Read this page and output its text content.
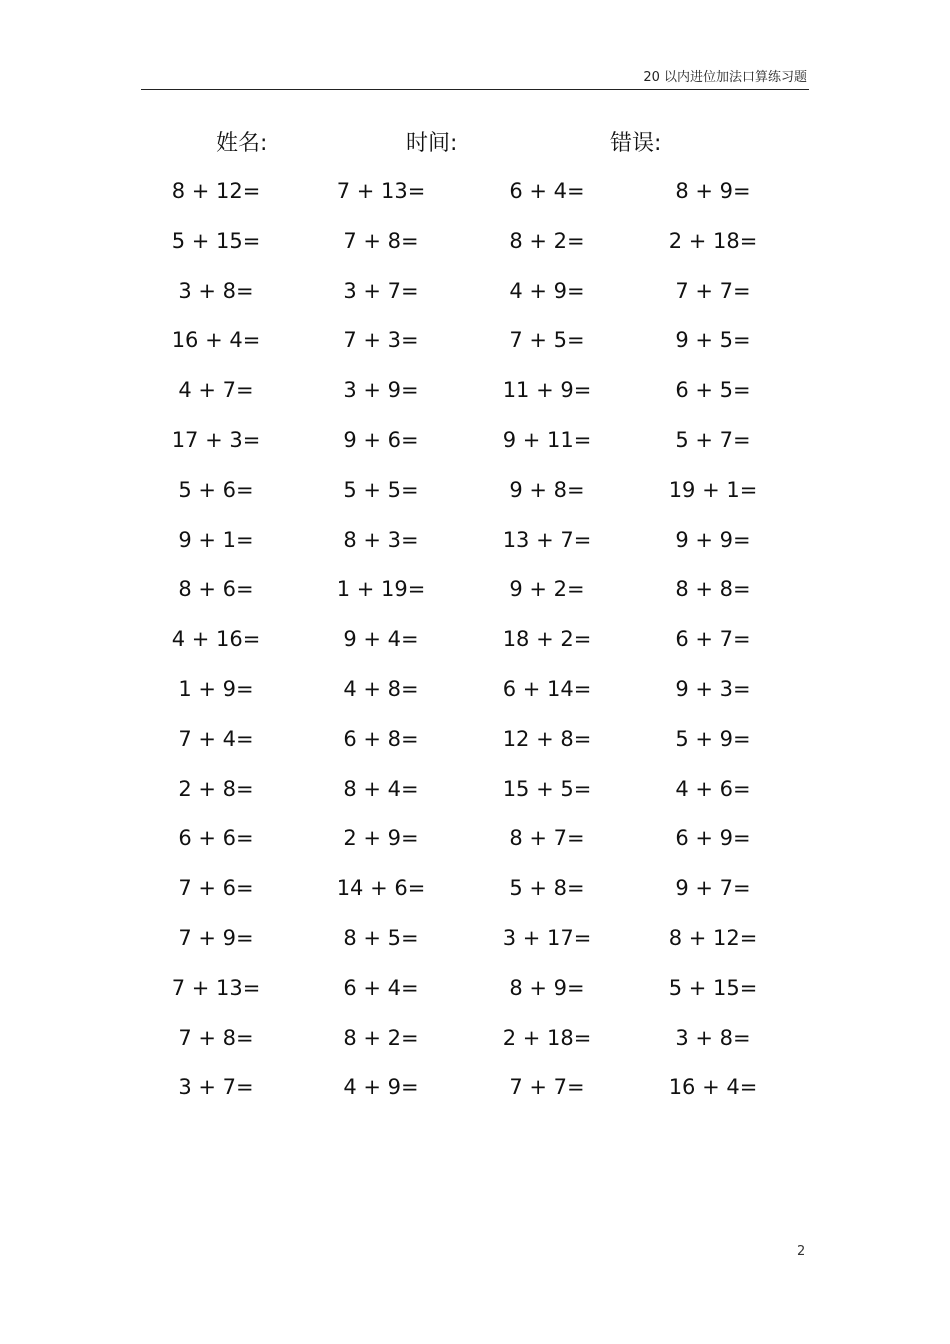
20 以内进位加法口算练习题
姓名:	时间:	错误:
8 + 12=	7 + 13=	6 + 4=	8 + 9=
5 + 15=	7 + 8=	8 + 2=	2 + 18=
3 + 8=	3 + 7=	4 + 9=	7 + 7=
16 + 4=	7 + 3=	7 + 5=	9 + 5=
4 + 7=	3 + 9=	11 + 9=	6 + 5=
17 + 3=	9 + 6=	9 + 11=	5 + 7=
5 + 6=	5 + 5=	9 + 8=	19 + 1=
9 + 1=	8 + 3=	13 + 7=	9 + 9=
8 + 6=	1 + 19=	9 + 2=	8 + 8=
4 + 16=	9 + 4=	18 + 2=	6 + 7=
1 + 9=	4 + 8=	6 + 14=	9 + 3=
7 + 4=	6 + 8=	12 + 8=	5 + 9=
2 + 8=	8 + 4=	15 + 5=	4 + 6=
6 + 6=	2 + 9=	8 + 7=	6 + 9=
7 + 6=	14 + 6=	5 + 8=	9 + 7=
7 + 9=	8 + 5=	3 + 17=	8 + 12=
7 + 13=	6 + 4=	8 + 9=	5 + 15=
7 + 8=	8 + 2=	2 + 18=	3 + 8=
3 + 7=	4 + 9=	7 + 7=	16 + 4=
2
